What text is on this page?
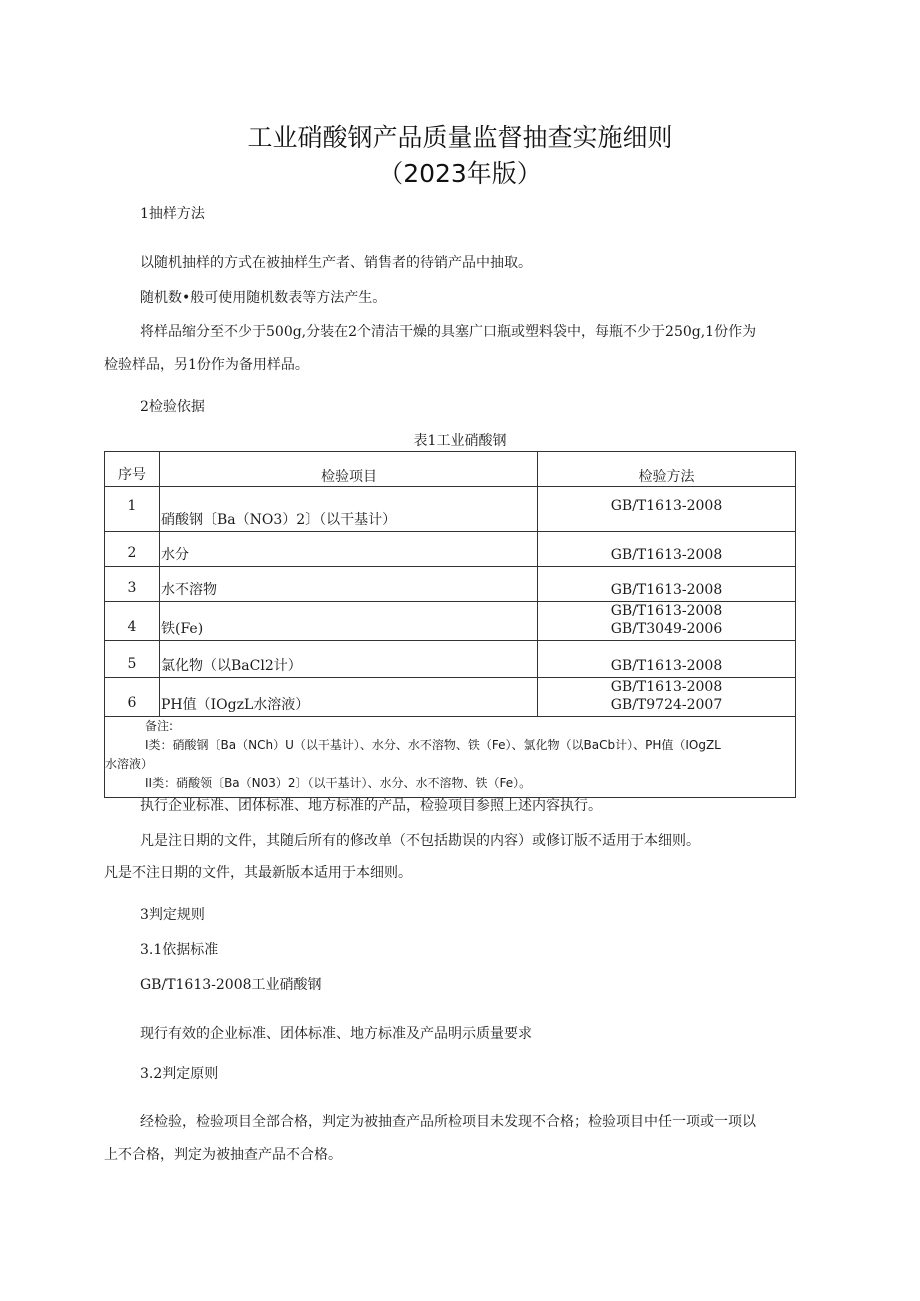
工业硝酸钢产品质量监督抽查实施细则
（2023年版）
1抽样方法
以随机抽样的方式在被抽样生产者、销售者的待销产品中抽取。
随机数•般可使用随机数表等方法产生。
将样品缩分至不少于500g,分装在2个清洁干燥的具塞广口瓶或塑料袋中，每瓶不少于250g,1份作为
检验样品，另1份作为备用样品。
2检验依据
表1工业硝酸钢
序号	检验项目	检验方法

1	硝酸钢〔Ba（NO3）2〕（以干基计）	GB/T1613-2008

2	水分	GB/T1613-2008

3	水不溶物	GB/T1613-2008

4	铁(Fe)	GB/T1613-2008
GB/T3049-2006

5	氯化物（以BaCl2计）	GB/T1613-2008

6	PH值（IOgzL水溶液）	GB/T1613-2008
GB/T9724-2007

备注:
I类：硝酸钢〔Ba（NCh）U（以干基计）、水分、水不溶物、铁（Fe）、氯化物（以BaCb计）、PH值（IOgZL
水溶液）
II类：硝酸领〔Ba（N03）2〕（以干基计）、水分、水不溶物、铁（Fe）。		
执行企业标准、团体标准、地方标准的产品，检验项目参照上述内容执行。
凡是注日期的文件，其随后所有的修改单（不包括勘误的内容）或修订版不适用于本细则。
凡是不注日期的文件，其最新版本适用于本细则。
3判定规则
3.1依据标准
GB/T1613-2008工业硝酸钢
现行有效的企业标准、团体标准、地方标准及产品明示质量要求
3.2判定原则
经检验，检验项目全部合格，判定为被抽查产品所检项目未发现不合格；检验项目中任一项或一项以
上不合格，判定为被抽查产品不合格。
